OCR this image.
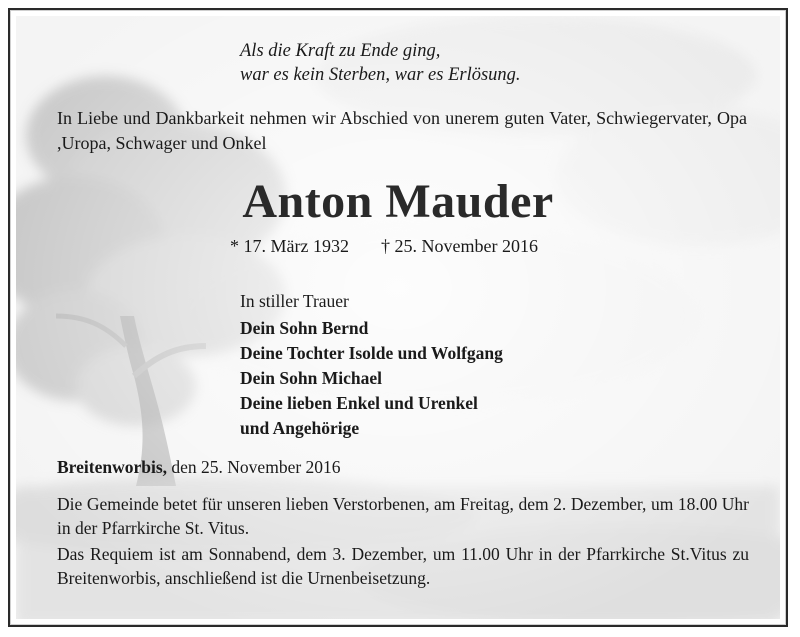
Als die Kraft zu Ende ging,

war es kein Sterben, war es Erlösung.

In Liebe und Dankbarkeit nehmen wir Abschied von unerem guten Vater, Schwiegervater, Opa ,Uropa, Schwager und Onkel

Anton Mauder

* 17. März 1932 † 25. November 2016

In stiller Trauer

Dein Sohn Bernd

Deine Tochter Isolde und Wolfgang

Dein Sohn Michael

Deine lieben Enkel und Urenkel

und Angehörige

Breitenworbis, den 25. November 2016

Die Gemeinde betet für unseren lieben Verstorbenen, am Freitag, dem 2. Dezember, um 18.00 Uhr in der Pfarrkirche St. Vitus.

Das Requiem ist am Sonnabend, dem 3. Dezember, um 11.00 Uhr in der Pfarrkirche St.Vitus zu Breitenworbis, anschließend ist die Urnenbeisetzung.
